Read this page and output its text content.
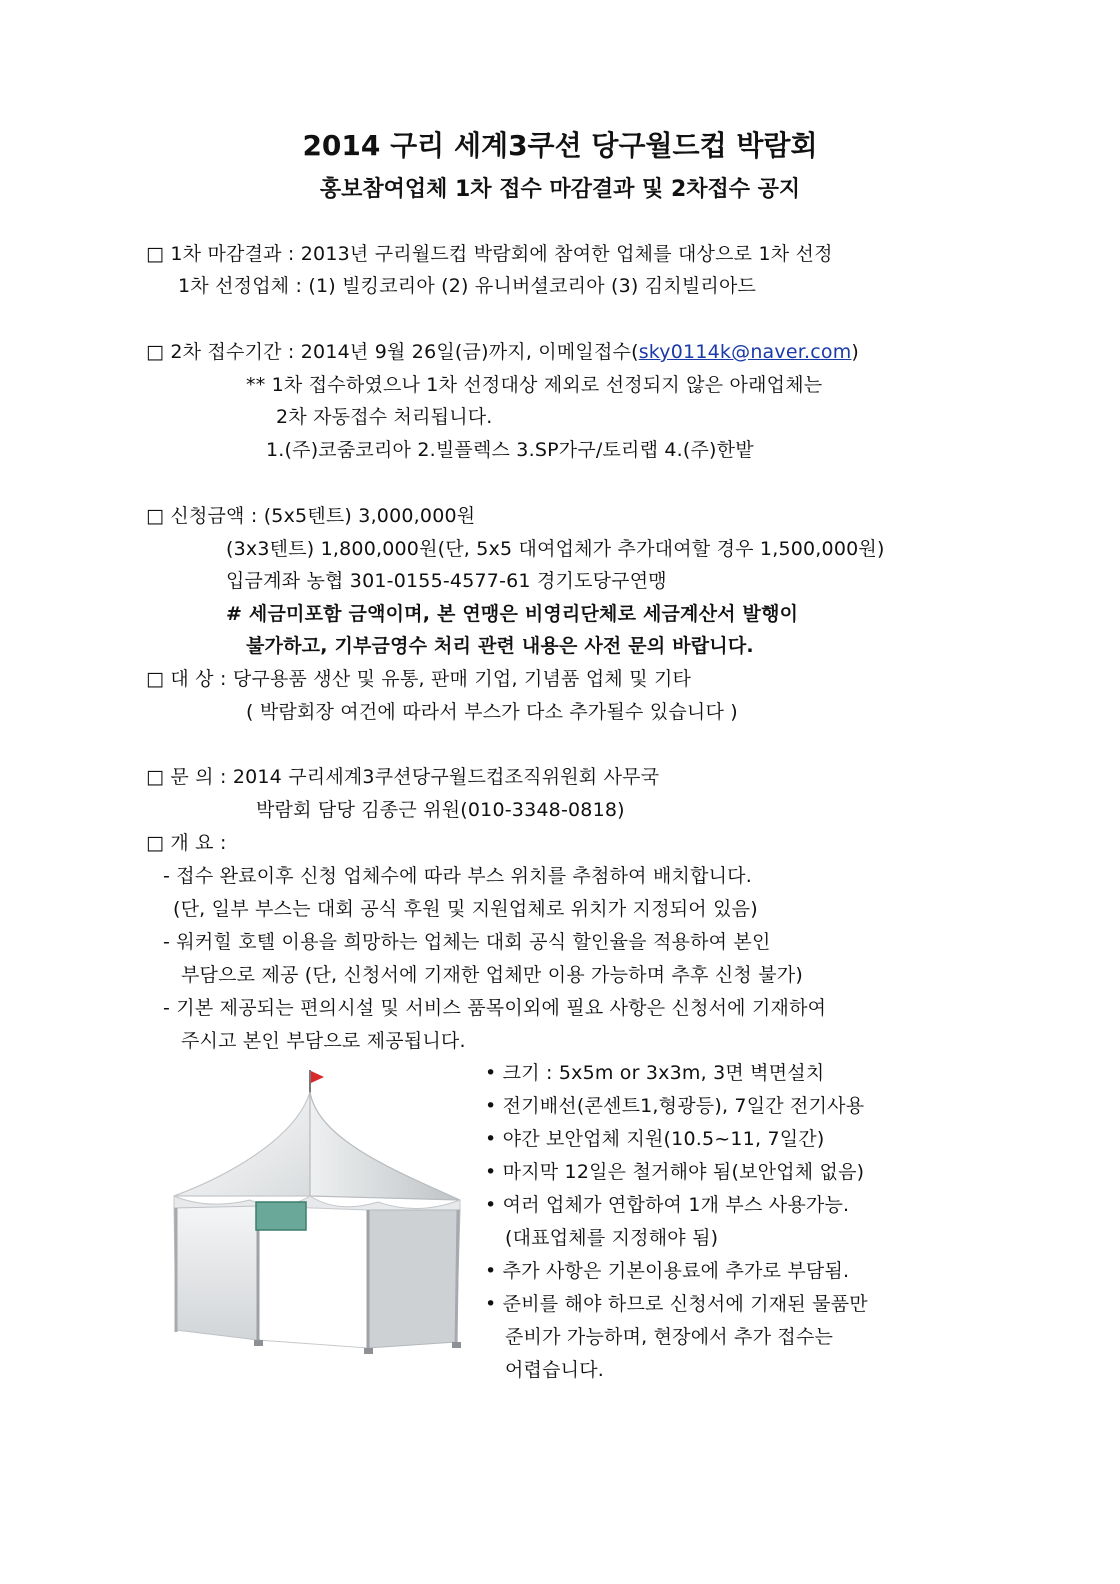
2014 구리 세계3쿠션 당구월드컵 박람회
홍보참여업체 1차 접수 마감결과 및 2차접수 공지
□ 1차 마감결과 : 2013년 구리월드컵 박람회에 참여한 업체를 대상으로 1차 선정
1차 선정업체 : (1) 빌킹코리아 (2) 유니버셜코리아 (3) 김치빌리아드
□ 2차 접수기간 : 2014년 9월 26일(금)까지, 이메일접수(sky0114k@naver.com)
** 1차 접수하였으나 1차 선정대상 제외로 선정되지 않은 아래업체는
2차 자동접수 처리됩니다.
1.(주)코줌코리아 2.빌플렉스 3.SP가구/토리랩 4.(주)한밭
□ 신청금액 : (5x5텐트) 3,000,000원
(3x3텐트) 1,800,000원(단, 5x5 대여업체가 추가대여할 경우 1,500,000원)
입금계좌 농협 301-0155-4577-61 경기도당구연맹
# 세금미포함 금액이며, 본 연맹은 비영리단체로 세금계산서 발행이
불가하고, 기부금영수 처리 관련 내용은 사전 문의 바랍니다.
□ 대 상 : 당구용품 생산 및 유통, 판매 기업, 기념품 업체 및 기타
( 박람회장 여건에 따라서 부스가 다소 추가될수 있습니다 )
□ 문 의 : 2014 구리세계3쿠션당구월드컵조직위원회 사무국
박람회 담당 김종근 위원(010-3348-0818)
□ 개 요 :
- 접수 완료이후 신청 업체수에 따라 부스 위치를 추첨하여 배치합니다.
(단, 일부 부스는 대회 공식 후원 및 지원업체로 위치가 지정되어 있음)
- 워커힐 호텔 이용을 희망하는 업체는 대회 공식 할인율을 적용하여 본인
부담으로 제공 (단, 신청서에 기재한 업체만 이용 가능하며 추후 신청 불가)
- 기본 제공되는 편의시설 및 서비스 품목이외에 필요 사항은 신청서에 기재하여
주시고 본인 부담으로 제공됩니다.
• 크기 : 5x5m or 3x3m, 3면 벽면설치
• 전기배선(콘센트1,형광등), 7일간 전기사용
• 야간 보안업체 지원(10.5~11, 7일간)
• 마지막 12일은 철거해야 됨(보안업체 없음)
• 여러 업체가 연합하여 1개 부스 사용가능.
(대표업체를 지정해야 됨)
• 추가 사항은 기본이용료에 추가로 부담됨.
• 준비를 해야 하므로 신청서에 기재된 물품만
준비가 가능하며, 현장에서 추가 접수는
어렵습니다.
